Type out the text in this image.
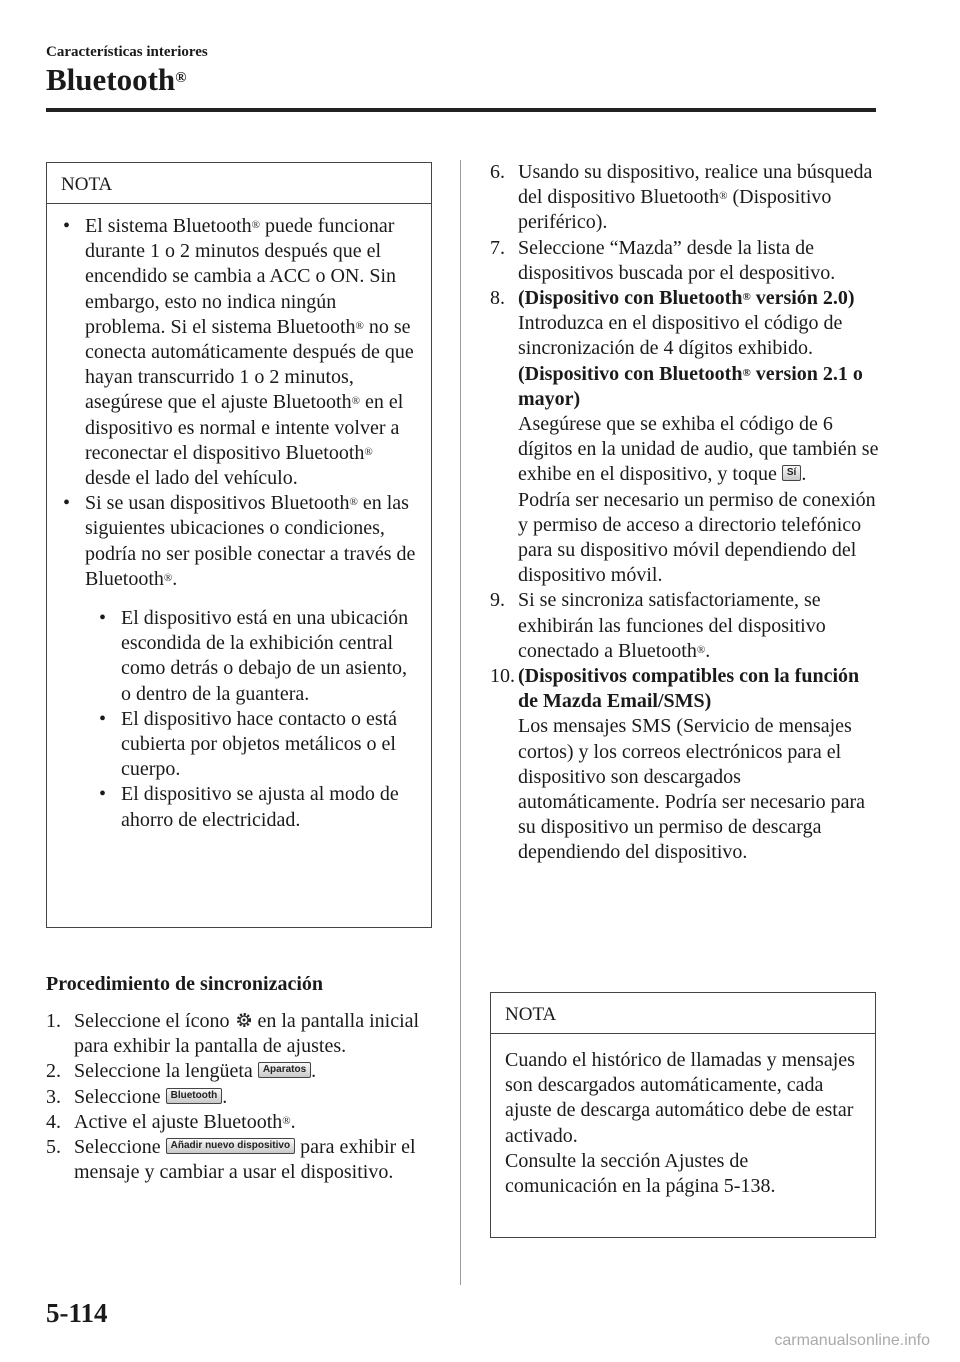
Características interiores
Bluetooth®
NOTA
• El sistema Bluetooth® puede funcionar durante 1 o 2 minutos después que el encendido se cambia a ACC o ON. Sin embargo, esto no indica ningún problema. Si el sistema Bluetooth® no se conecta automáticamente después de que hayan transcurrido 1 o 2 minutos, asegúrese que el ajuste Bluetooth® en el dispositivo es normal e intente volver a reconectar el dispositivo Bluetooth® desde el lado del vehículo.
• Si se usan dispositivos Bluetooth® en las siguientes ubicaciones o condiciones, podría no ser posible conectar a través de Bluetooth®.
• El dispositivo está en una ubicación escondida de la exhibición central como detrás o debajo de un asiento, o dentro de la guantera.
• El dispositivo hace contacto o está cubierta por objetos metálicos o el cuerpo.
• El dispositivo se ajusta al modo de ahorro de electricidad.
Procedimiento de sincronización
1. Seleccione el ícono  en la pantalla inicial para exhibir la pantalla de ajustes.
2. Seleccione la lengüeta Aparatos .
3. Seleccione Bluetooth .
4. Active el ajuste Bluetooth®.
5. Seleccione Añadir nuevo dispositivo para exhibir el mensaje y cambiar a usar el dispositivo.
6. Usando su dispositivo, realice una búsqueda del dispositivo Bluetooth® (Dispositivo periférico).
7. Seleccione “Mazda” desde la lista de dispositivos buscada por el despositivo.
8. (Dispositivo con Bluetooth® versión 2.0)
Introduzca en el dispositivo el código de sincronización de 4 dígitos exhibido.
(Dispositivo con Bluetooth® version 2.1 o mayor)
Asegúrese que se exhiba el código de 6 dígitos en la unidad de audio, que también se exhibe en el dispositivo, y toque Sí .
Podría ser necesario un permiso de conexión y permiso de acceso a directorio telefónico para su dispositivo móvil dependiendo del dispositivo móvil.
9. Si se sincroniza satisfactoriamente, se exhibirán las funciones del dispositivo conectado a Bluetooth®.
10. (Dispositivos compatibles con la función de Mazda Email/SMS)
Los mensajes SMS (Servicio de mensajes cortos) y los correos electrónicos para el dispositivo son descargados automáticamente. Podría ser necesario para su dispositivo un permiso de descarga dependiendo del dispositivo.
NOTA
Cuando el histórico de llamadas y mensajes son descargados automáticamente, cada ajuste de descarga automático debe de estar activado.
Consulte la sección Ajustes de comunicación en la página 5-138.
5-114
carmanualsonline.info
